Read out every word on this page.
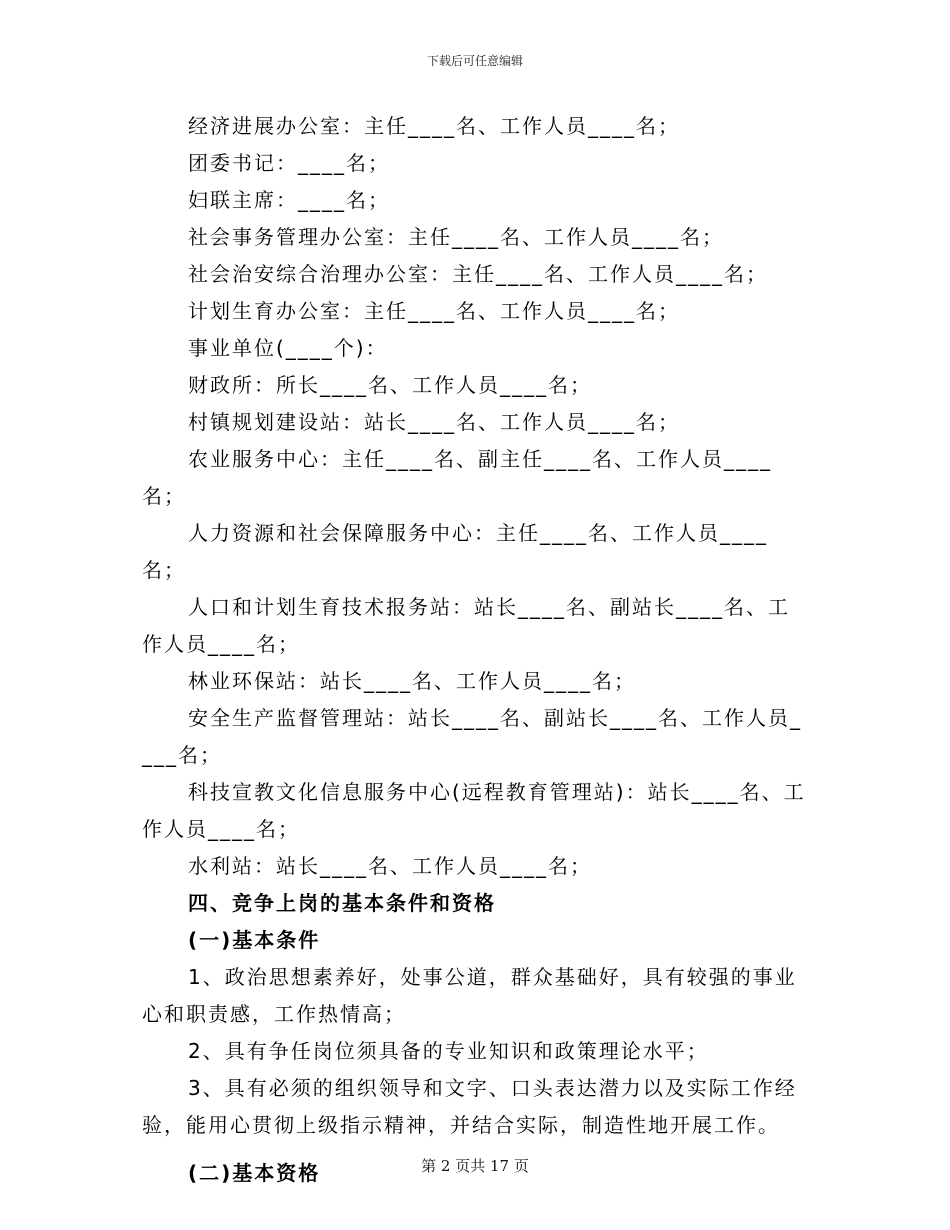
下载后可任意编辑

经济进展办公室：主任____名、工作人员____名；

团委书记：____名；

妇联主席：____名；

社会事务管理办公室：主任____名、工作人员____名；

社会治安综合治理办公室：主任____名、工作人员____名；

计划生育办公室：主任____名、工作人员____名；

事业单位(____个)：

财政所：所长____名、工作人员____名；

村镇规划建设站：站长____名、工作人员____名；

农业服务中心：主任____名、副主任____名、工作人员____名；

人力资源和社会保障服务中心：主任____名、工作人员____名；

人口和计划生育技术报务站：站长____名、副站长____名、工作人员____名；

林业环保站：站长____名、工作人员____名；

安全生产监督管理站：站长____名、副站长____名、工作人员____名；

科技宣教文化信息服务中心(远程教育管理站)：站长____名、工作人员____名；

水利站：站长____名、工作人员____名；

四、竞争上岗的基本条件和资格

(一)基本条件

1、政治思想素养好，处事公道，群众基础好，具有较强的事业心和职责感，工作热情高；

2、具有争任岗位须具备的专业知识和政策理论水平；

3、具有必须的组织领导和文字、口头表达潜力以及实际工作经验，能用心贯彻上级指示精神，并结合实际，制造性地开展工作。

(二)基本资格	第 2 页共 17 页
